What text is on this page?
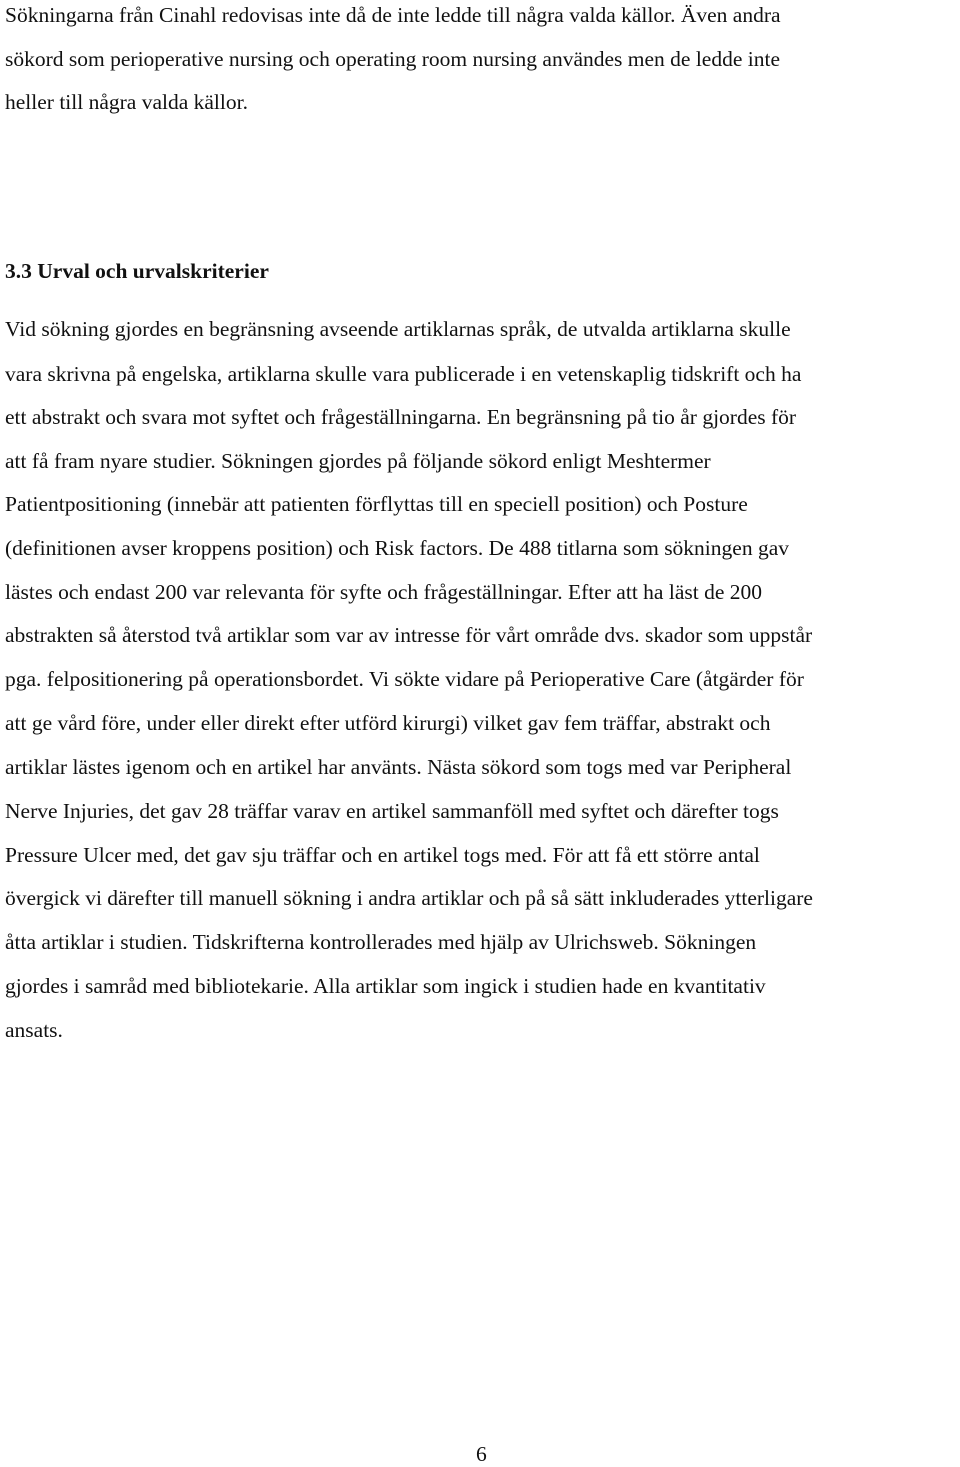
Sökningarna från Cinahl redovisas inte då de inte ledde till några valda källor. Även andra
sökord som perioperative nursing och operating room nursing användes men de ledde inte
heller till några valda källor.
3.3 Urval och urvalskriterier
Vid sökning gjordes en begränsning avseende artiklarnas språk, de utvalda artiklarna skulle
vara skrivna på engelska, artiklarna skulle vara publicerade i en vetenskaplig tidskrift och ha
ett abstrakt och svara mot syftet och frågeställningarna. En begränsning på tio år gjordes för
att få fram nyare studier. Sökningen gjordes på följande sökord enligt Meshtermer
Patientpositioning (innebär att patienten förflyttas till en speciell position) och Posture
(definitionen avser kroppens position) och Risk factors. De 488 titlarna som sökningen gav
lästes och endast 200 var relevanta för syfte och frågeställningar. Efter att ha läst de 200
abstrakten så återstod två artiklar som var av intresse för vårt område dvs. skador som uppstår
pga. felpositionering på operationsbordet. Vi sökte vidare på Perioperative Care (åtgärder för
att ge vård före, under eller direkt efter utförd kirurgi) vilket gav fem träffar, abstrakt och
artiklar lästes igenom och en artikel har använts. Nästa sökord som togs med var Peripheral
Nerve Injuries, det gav 28 träffar varav en artikel sammanföll med syftet och därefter togs
Pressure Ulcer med, det gav sju träffar och en artikel togs med. För att få ett större antal
övergick vi därefter till manuell sökning i andra artiklar och på så sätt inkluderades ytterligare
åtta artiklar i studien. Tidskrifterna kontrollerades med hjälp av Ulrichsweb. Sökningen
gjordes i samråd med bibliotekarie. Alla artiklar som ingick i studien hade en kvantitativ
ansats.
6
